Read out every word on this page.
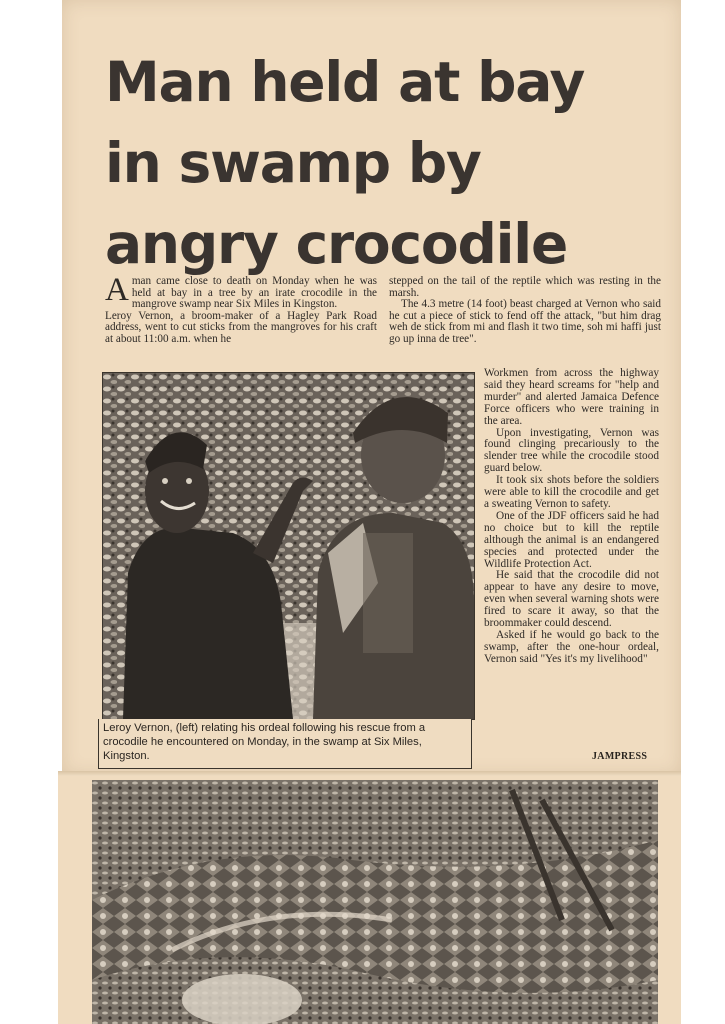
Man held at bay
in swamp by
angry crocodile

Aman came close to death on Monday when he was held at bay in a tree by an irate crocodile in the mangrove swamp near Six Miles in Kingston.

Leroy Vernon, a broom-maker of a Hagley Park Road address, went to cut sticks from the mangroves for his craft at about 11:00 a.m. when he

stepped on the tail of the reptile which was resting in the marsh.

The 4.3 metre (14 foot) beast charged at Vernon who said he cut a piece of stick to fend off the attack, "but him drag weh de stick from mi and flash it two time, soh mi haffi just go up inna de tree".

Leroy Vernon, (left) relating his ordeal following his rescue from a crocodile he encountered on Monday, in the swamp at Six Miles, Kingston.

Workmen from across the highway said they heard screams for "help and murder" and alerted Jamaica Defence Force officers who were training in the area.

Upon investigating, Vernon was found clinging precariously to the slender tree while the crocodile stood guard below.

It took six shots before the soldiers were able to kill the crocodile and get a sweating Vernon to safety.

One of the JDF officers said he had no choice but to kill the reptile although the animal is an endangered species and protected under the Wildlife Protection Act.

He said that the crocodile did not appear to have any desire to move, even when several warning shots were fired to scare it away, so that the broommaker could descend.

Asked if he would go back to the swamp, after the one-hour ordeal, Vernon said "Yes it's my livelihood"

JAMPRESS
